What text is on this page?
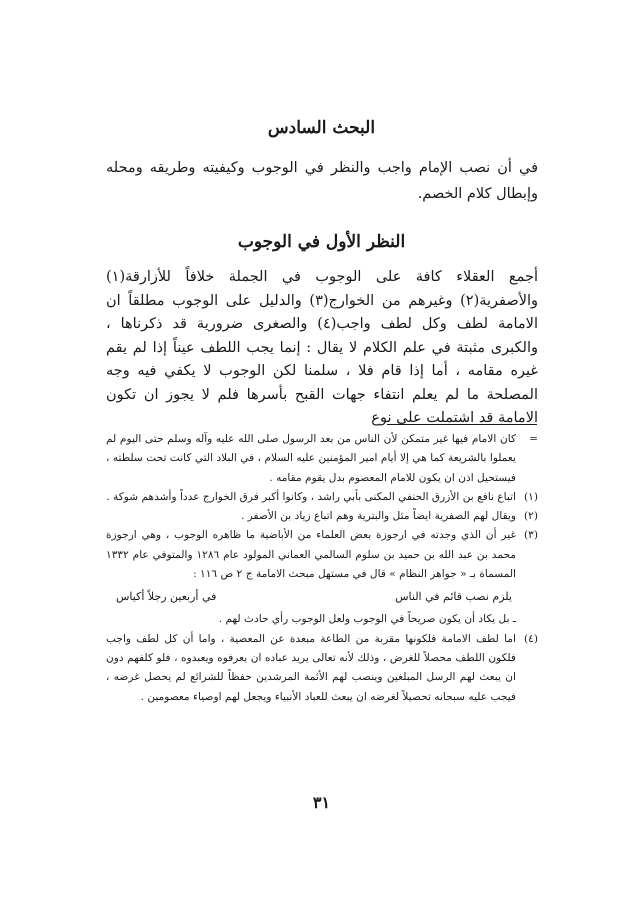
البحث السادس

في أن نصب الإمام واجب والنظر في الوجوب وكيفيته وطريقه ومحله وإبطال كلام الخصم.

النظر الأول في الوجوب

أجمع العقلاء كافة على الوجوب في الجملة خلافاً للأزارقة(١) والأصفرية(٢) وغيرهم من الخوارج(٣) والدليل على الوجوب مطلقاً ان الامامة لطف وكل لطف واجب(٤) والصغرى ضرورية قد ذكرناها ، والكبرى مثبتة في علم الكلام لا يقال : إنما يجب اللطف عيناً إذا لم يقم غيره مقامه ، أما إذا قام فلا ، سلمنا لكن الوجوب لا يكفي فيه وجه المصلحة ما لم يعلم انتفاء جهات القبح بأسرها فلم لا يجوز ان تكون الامامة قد اشتملت على نوع

=
كان الامام فيها غير متمكن لأن الناس من بعد الرسول صلى الله عليه وآله وسلم حتى اليوم لم يعملوا بالشريعة كما هي إلا أيام امير المؤمنين عليه السلام ، في البلاد التي كانت تحت سلطته ، فيستحيل اذن ان يكون للامام المعصوم بدل يقوم مقامه .
(١)
اتباع نافع بن الأزرق الحنفي المكنى بأبي راشد ، وكانوا أكبر فرق الخوارج عدداً وأشدهم شوكة .
(٢)
ويقال لهم الصفرية ايضاً مثل والبترية وهم اتباع زياد بن الأصفر .
(٣)
غير أن الذي وجدته في ارجوزة بعض العلماء من الأباضية ما ظاهره الوجوب ، وهي ارجوزة محمد بن عبد الله بن حميد بن سلوم السالمي العماني المولود عام ١٢٨٦ والمتوفي عام ١٣٣٢ المسماة بـ « جواهر النظام » قال في مستهل مبحث الامامة ج ٢ ص ١١٦ :
يلزم نصب قائم في الناس
في أربعين رجلاً أكياس
ـ بل يكاد أن يكون صريحاً في الوجوب ولعل الوجوب رأي حادث لهم .
(٤)
اما لطف الامامة فلكونها مقربة من الطاعة مبعدة عن المعصية ، واما أن كل لطف واجب فلكون اللطف محصلاً للغرض ، وذلك لأنه تعالى يريد عباده ان يعرفوه ويعبدوه ، فلو كلفهم دون ان يبعث لهم الرسل المبلغين وينصب لهم الأئمة المرشدين حفظاً للشرائع لم يحصل غرضه ، فيجب عليه سبحانه تحصيلاً لغرضه ان يبعث للعباد الأنبياء ويجعل لهم اوصياء معصومين .
٣١
